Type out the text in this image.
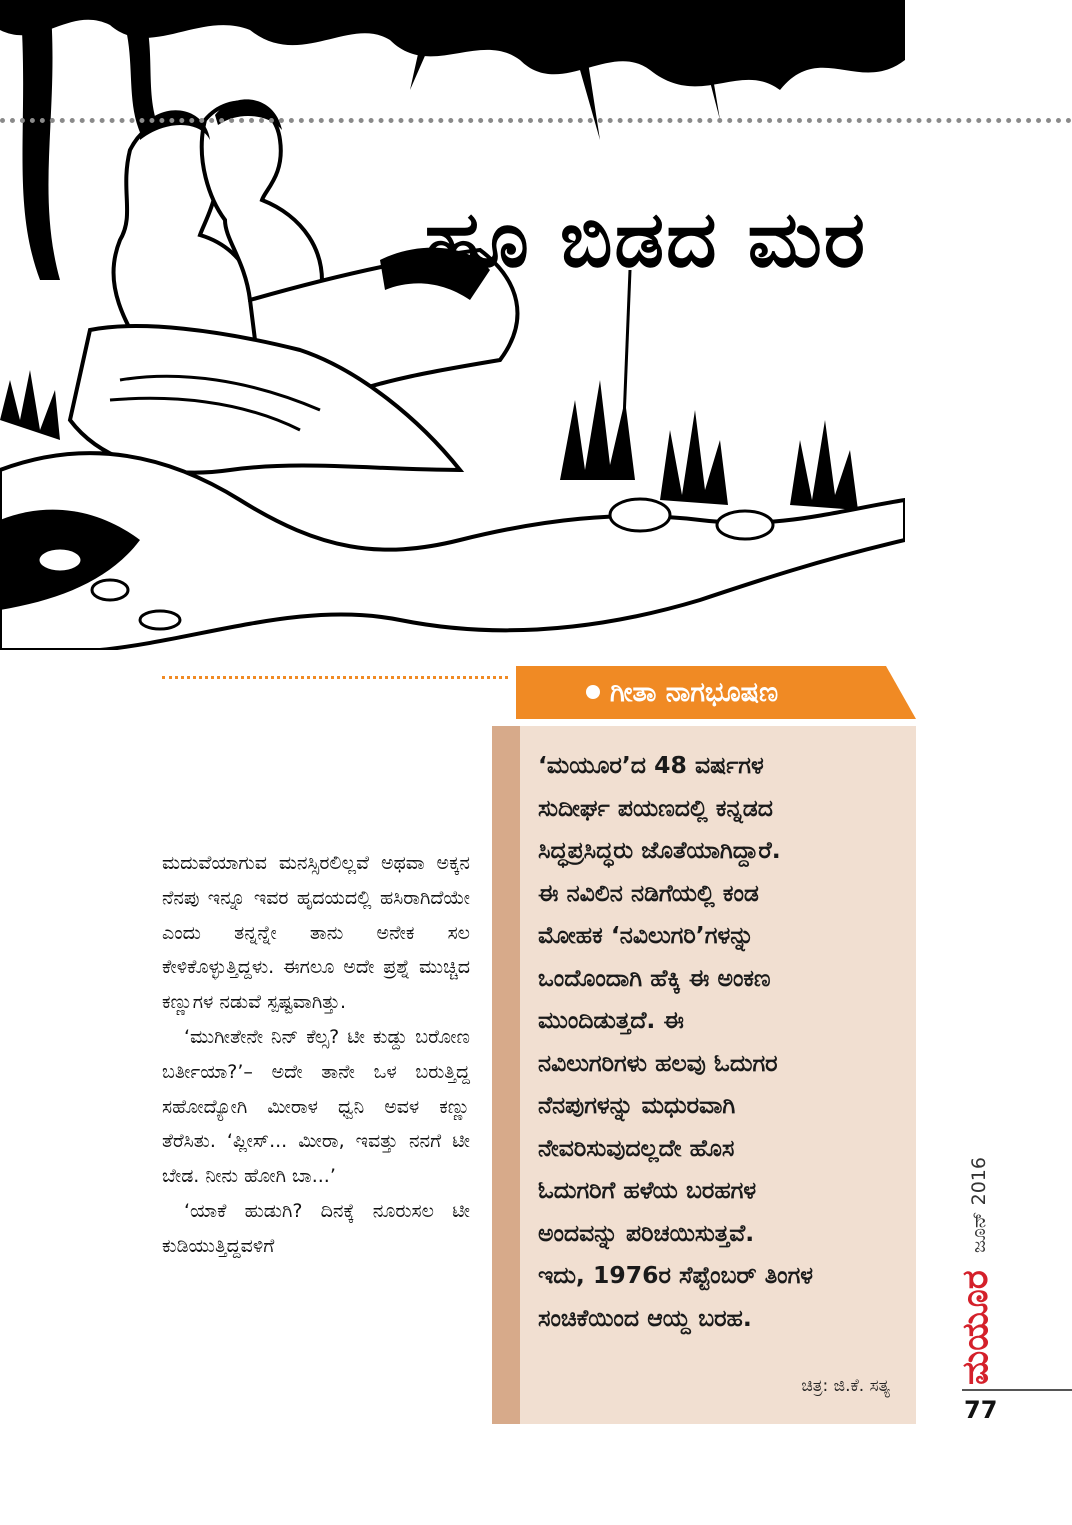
ಹೂ ಬಿಡದ ಮರ
ಗೀತಾ ನಾಗಭೂಷಣ
‘ಮಯೂರ’ದ 48 ವರ್ಷಗಳ
ಸುದೀರ್ಘ ಪಯಣದಲ್ಲಿ ಕನ್ನಡದ
ಸಿದ್ಧಪ್ರಸಿದ್ಧರು ಜೊತೆಯಾಗಿದ್ದಾರೆ.
ಈ ನವಿಲಿನ ನಡಿಗೆಯಲ್ಲಿ ಕಂಡ
ಮೋಹಕ ‘ನವಿಲುಗರಿ’ಗಳನ್ನು
ಒಂದೊಂದಾಗಿ ಹೆಕ್ಕಿ ಈ ಅಂಕಣ
ಮುಂದಿಡುತ್ತದೆ. ಈ
ನವಿಲುಗರಿಗಳು ಹಲವು ಓದುಗರ
ನೆನಪುಗಳನ್ನು ಮಧುರವಾಗಿ
ನೇವರಿಸುವುದಲ್ಲದೇ ಹೊಸ
ಓದುಗರಿಗೆ ಹಳೆಯ ಬರಹಗಳ
ಅಂದವನ್ನು ಪರಿಚಯಿಸುತ್ತವೆ.
ಇದು, 1976ರ ಸೆಪ್ಟೆಂಬರ್ ತಿಂಗಳ
ಸಂಚಿಕೆಯಿಂದ ಆಯ್ದ ಬರಹ.
ಚಿತ್ರ: ಜಿ.ಕೆ. ಸತ್ಯ

ಮದುವೆಯಾಗುವ ಮನಸ್ಸಿರಲಿಲ್ಲವೆ ಅಥವಾ ಅಕ್ಕನ ನೆನಪು ಇನ್ನೂ ಇವರ ಹೃದಯದಲ್ಲಿ ಹಸಿರಾಗಿದೆಯೇ ಎಂದು ತನ್ನನ್ನೇ ತಾನು ಅನೇಕ ಸಲ ಕೇಳಿಕೊಳ್ಳುತ್ತಿದ್ದಳು. ಈಗಲೂ ಅದೇ ಪ್ರಶ್ನೆ ಮುಚ್ಚಿದ ಕಣ್ಣುಗಳ ನಡುವೆ ಸ್ಪಷ್ಟವಾಗಿತ್ತು.

‘ಮುಗೀತೇನೇ ನಿನ್ ಕೆಲ್ಸ? ಟೀ ಕುಡ್ದು ಬರೋಣ ಬರ್ತೀಯಾ?’– ಅದೇ ತಾನೇ ಒಳ ಬರುತ್ತಿದ್ದ ಸಹೋದ್ಯೋಗಿ ಮೀರಾಳ ಧ್ವನಿ ಅವಳ ಕಣ್ಣು ತೆರೆಸಿತು. ‘ಪ್ಲೀಸ್... ಮೀರಾ, ಇವತ್ತು ನನಗೆ ಟೀ ಬೇಡ. ನೀನು ಹೋಗಿ ಬಾ...’

‘ಯಾಕೆ ಹುಡುಗಿ? ದಿನಕ್ಕೆ ನೂರುಸಲ ಟೀ ಕುಡಿಯುತ್ತಿದ್ದವಳಿಗೆ	ಜೂನ್ 2016
ಮಯೂರ
77
